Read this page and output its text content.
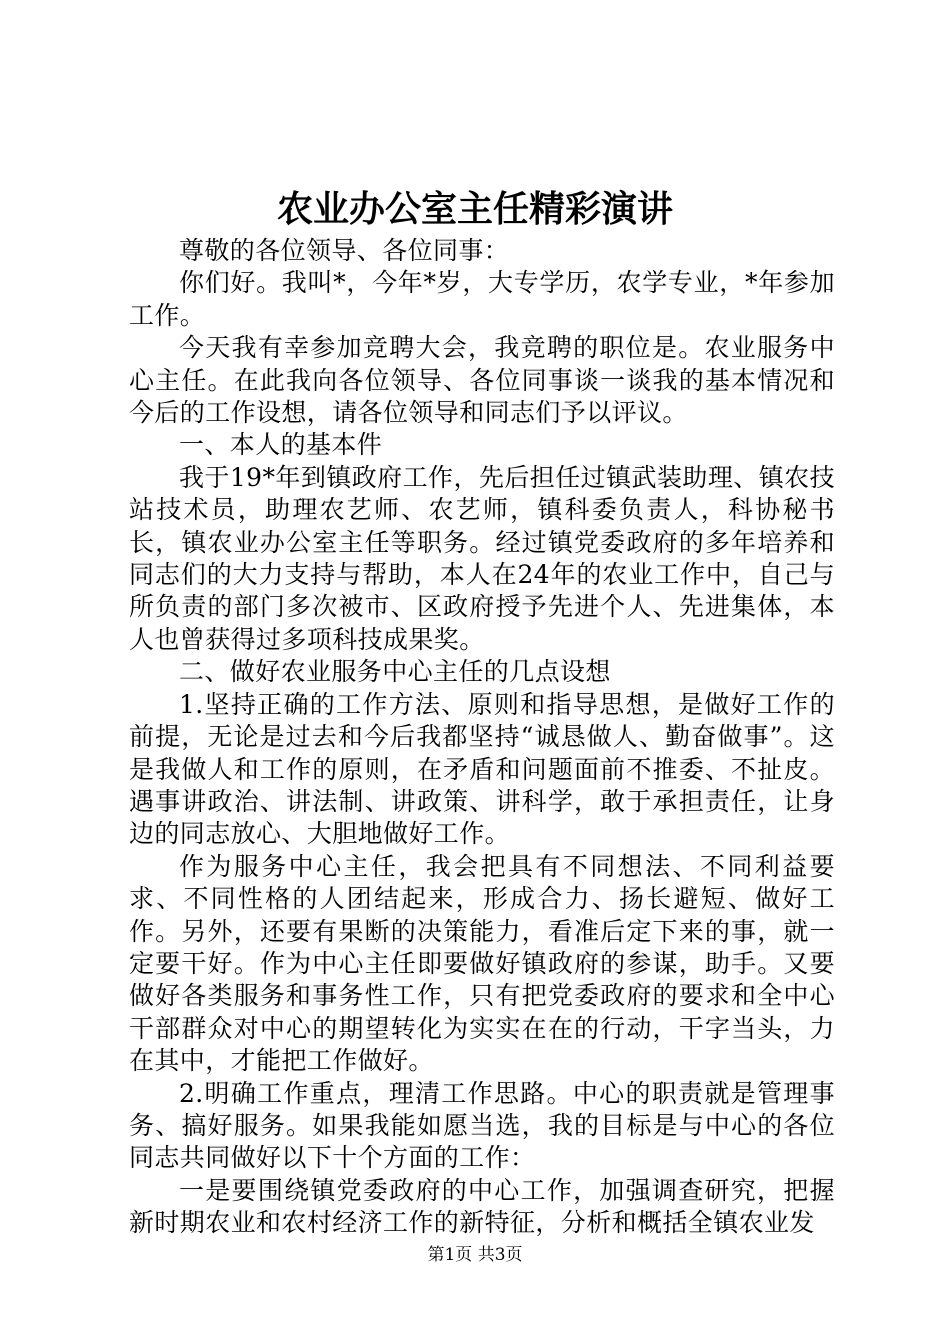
农业办公室主任精彩演讲

尊敬的各位领导、各位同事：

你们好。我叫*，今年*岁，大专学历，农学专业，*年参加工作。

今天我有幸参加竞聘大会，我竞聘的职位是。农业服务中心主任。在此我向各位领导、各位同事谈一谈我的基本情况和今后的工作设想，请各位领导和同志们予以评议。

一、本人的基本件

我于19*年到镇政府工作，先后担任过镇武装助理、镇农技站技术员，助理农艺师、农艺师，镇科委负责人，科协秘书长，镇农业办公室主任等职务。经过镇党委政府的多年培养和同志们的大力支持与帮助，本人在24年的农业工作中，自己与所负责的部门多次被市、区政府授予先进个人、先进集体，本人也曾获得过多项科技成果奖。

二、做好农业服务中心主任的几点设想

1.坚持正确的工作方法、原则和指导思想，是做好工作的前提，无论是过去和今后我都坚持“诚恳做人、勤奋做事”。这是我做人和工作的原则，在矛盾和问题面前不推委、不扯皮。遇事讲政治、讲法制、讲政策、讲科学，敢于承担责任，让身边的同志放心、大胆地做好工作。

作为服务中心主任，我会把具有不同想法、不同利益要求、不同性格的人团结起来，形成合力、扬长避短、做好工作。另外，还要有果断的决策能力，看准后定下来的事，就一定要干好。作为中心主任即要做好镇政府的参谋，助手。又要做好各类服务和事务性工作，只有把党委政府的要求和全中心干部群众对中心的期望转化为实实在在的行动，干字当头，力在其中，才能把工作做好。

2.明确工作重点，理清工作思路。中心的职责就是管理事务、搞好服务。如果我能如愿当选，我的目标是与中心的各位同志共同做好以下十个方面的工作：

一是要围绕镇党委政府的中心工作，加强调查研究，把握新时期农业和农村经济工作的新特征，分析和概括全镇农业发

第1页 共3页
